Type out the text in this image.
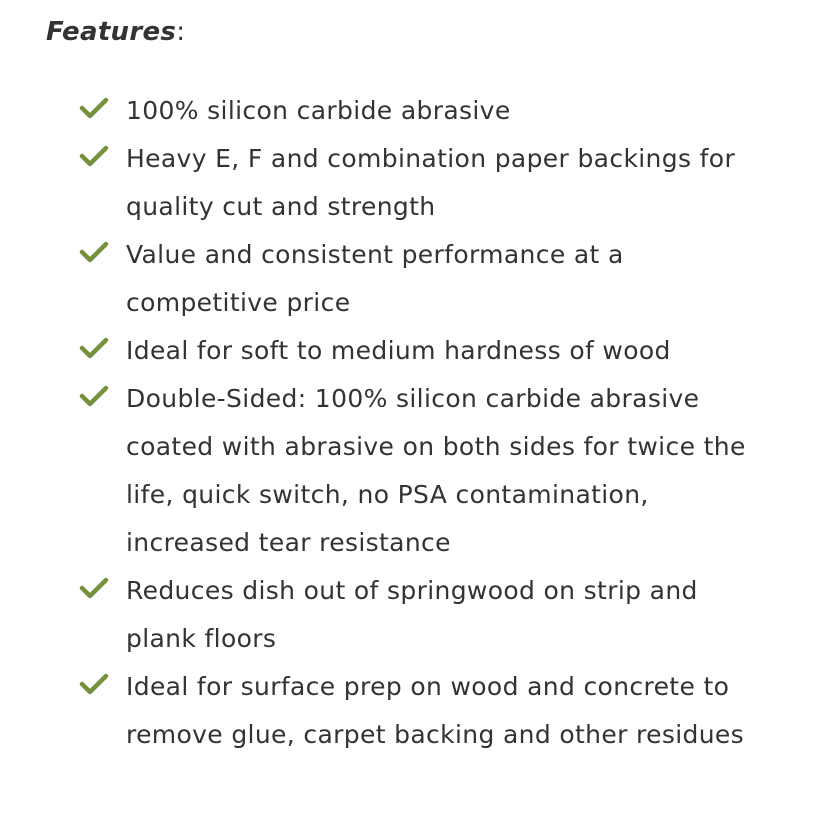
Features:
100% silicon carbide abrasive
Heavy E, F and combination paper backings for quality cut and strength
Value and consistent performance at a competitive price
Ideal for soft to medium hardness of wood
Double-Sided: 100% silicon carbide abrasive coated with abrasive on both sides for twice the life, quick switch, no PSA contamination, increased tear resistance
Reduces dish out of springwood on strip and plank floors
Ideal for surface prep on wood and concrete to remove glue, carpet backing and other residues
